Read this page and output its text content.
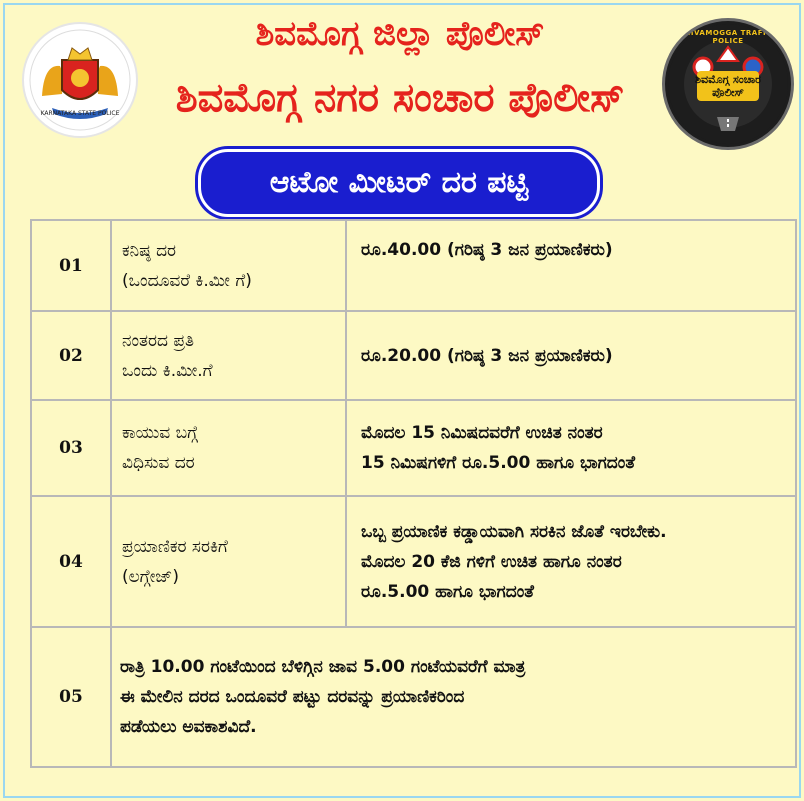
KARNATAKA STATE POLICE
ಶಿವಮೊಗ್ಗ ಜಿಲ್ಲಾ ಪೊಲೀಸ್
ಶಿವಮೊಗ್ಗ ನಗರ ಸಂಚಾರ ಪೊಲೀಸ್
SHIVAMOGGA TRAFFIC POLICE
ಶಿವಮೊಗ್ಗ ಸಂಚಾರ ಪೊಲೀಸ್
ಆಟೋ ಮೀಟರ್ ದರ ಪಟ್ಟಿ
01	ಕನಿಷ್ಠ ದರ
(ಒಂದೂವರೆ ಕಿ.ಮೀ ಗೆ)	ರೂ.40.00 (ಗರಿಷ್ಠ 3 ಜನ ಪ್ರಯಾಣಿಕರು)

02	ನಂತರದ ಪ್ರತಿ
ಒಂದು ಕಿ.ಮೀ.ಗೆ	ರೂ.20.00 (ಗರಿಷ್ಠ 3 ಜನ ಪ್ರಯಾಣಿಕರು)

03	ಕಾಯುವ ಬಗ್ಗೆ
ವಿಧಿಸುವ ದರ	ಮೊದಲ 15 ನಿಮಿಷದವರೆಗೆ ಉಚಿತ ನಂತರ
15 ನಿಮಿಷಗಳಿಗೆ ರೂ.5.00 ಹಾಗೂ ಭಾಗದಂತೆ

04	ಪ್ರಯಾಣಿಕರ ಸರಕಿಗೆ
(ಲಗ್ಗೇಜ್)	ಒಬ್ಬ ಪ್ರಯಾಣಿಕ ಕಡ್ಡಾಯವಾಗಿ ಸರಕಿನ ಜೊತೆ ಇರಬೇಕು.
ಮೊದಲ 20 ಕೆಜಿ ಗಳಿಗೆ ಉಚಿತ ಹಾಗೂ ನಂತರ
ರೂ.5.00 ಹಾಗೂ ಭಾಗದಂತೆ

05	ರಾತ್ರಿ 10.00 ಗಂಟೆಯಿಂದ ಬೆಳಿಗ್ಗಿನ ಜಾವ 5.00 ಗಂಟೆಯವರೆಗೆ ಮಾತ್ರ
ಈ ಮೇಲಿನ ದರದ ಒಂದೂವರೆ ಪಟ್ಟು ದರವನ್ನು ಪ್ರಯಾಣಿಕರಿಂದ
ಪಡೆಯಲು ಅವಕಾಶವಿದೆ.	
